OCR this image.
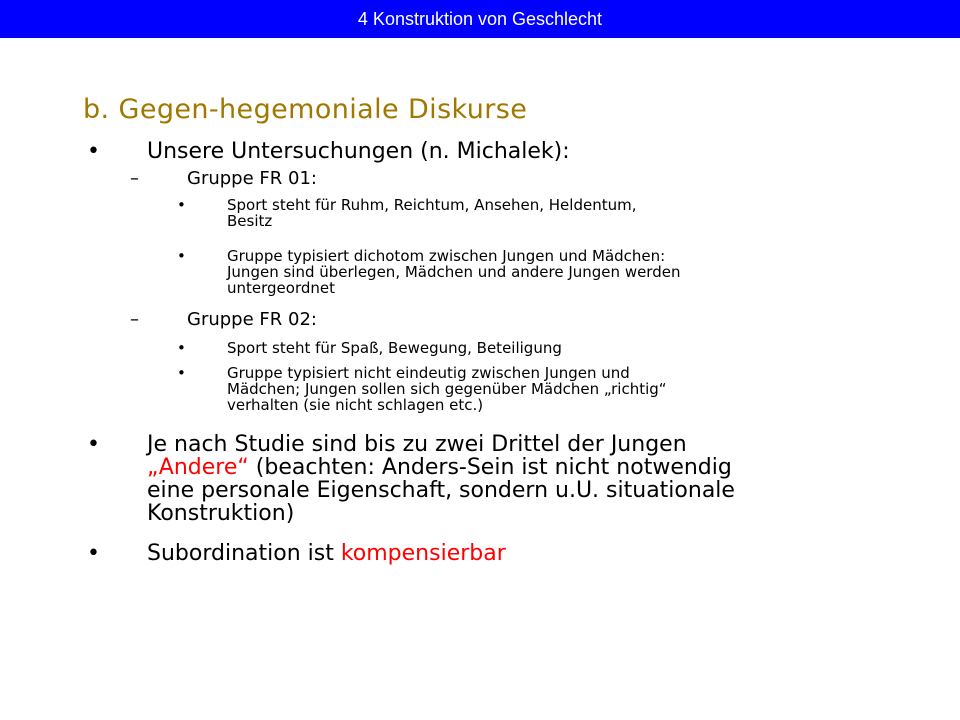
4 Konstruktion von Geschlecht
b. Gegen-hegemoniale Diskurse
• Unsere Untersuchungen (n. Michalek):
–	Gruppe FR 01:
•	Sport steht für Ruhm, Reichtum, Ansehen, Heldentum,
Besitz
•	Gruppe typisiert dichotom zwischen Jungen und Mädchen:
Jungen sind überlegen, Mädchen und andere Jungen werden
untergeordnet
–	Gruppe FR 02:
•	Sport steht für Spaß, Bewegung, Beteiligung
•	Gruppe typisiert nicht eindeutig zwischen Jungen und
Mädchen; Jungen sollen sich gegenüber Mädchen „richtig“
verhalten (sie nicht schlagen etc.)
• Je nach Studie sind bis zu zwei Drittel der Jungen
„Andere“ (beachten: Anders-Sein ist nicht notwendig
eine personale Eigenschaft, sondern u.U. situationale
Konstruktion)
• Subordination ist kompensierbar
